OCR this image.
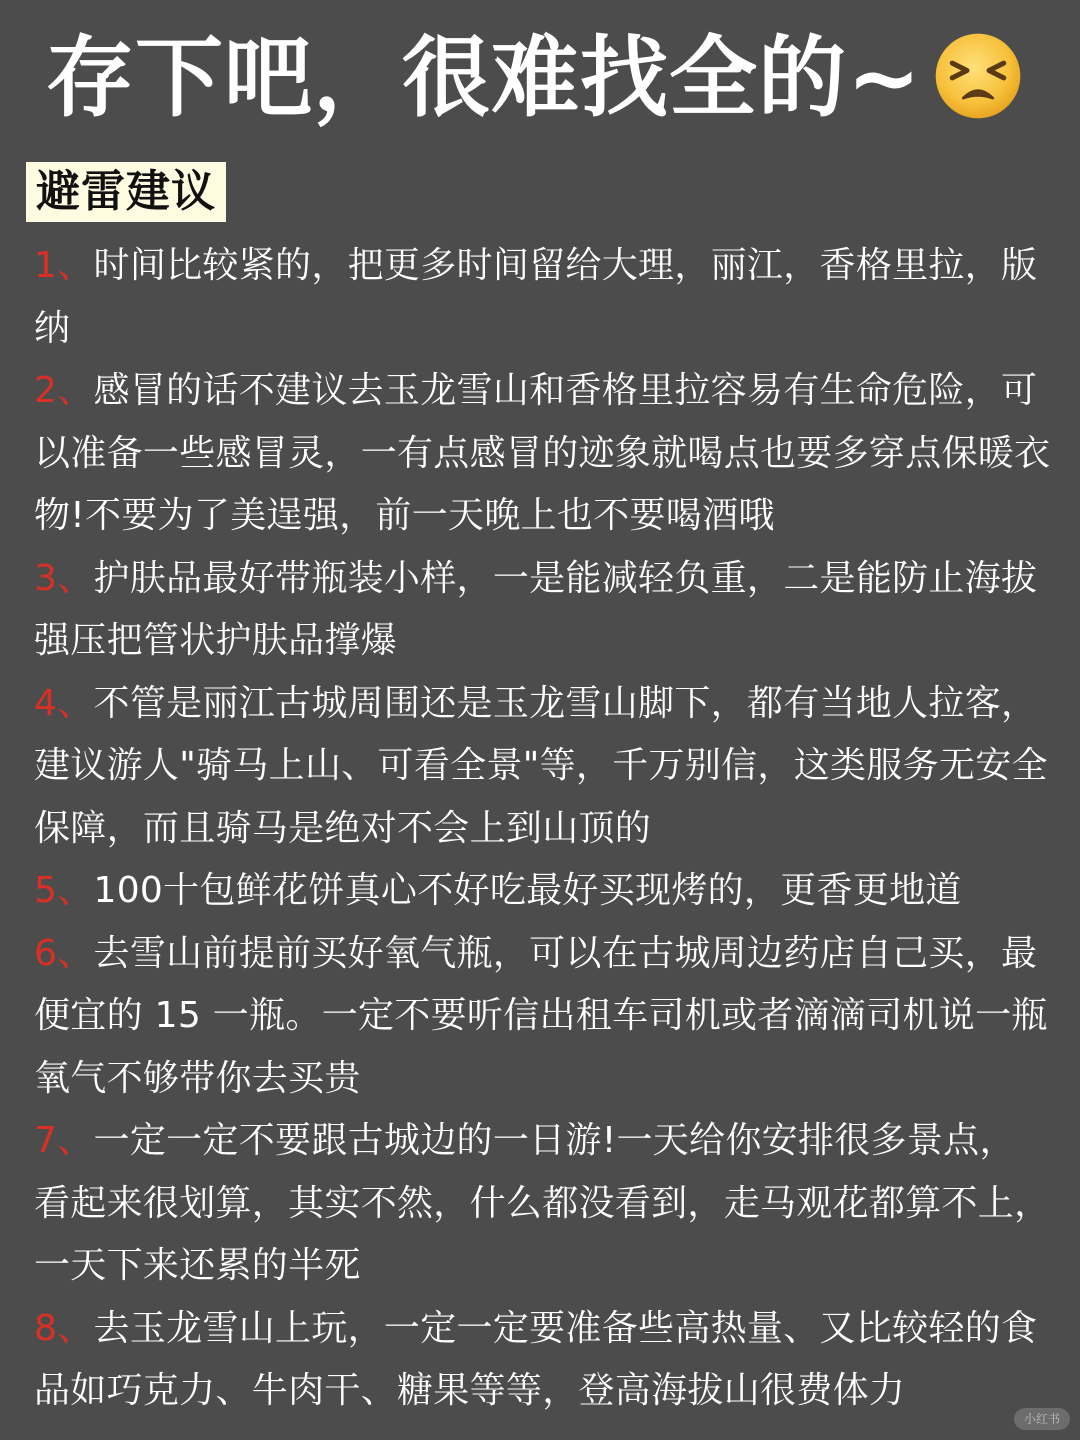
存下吧，很难找全的~
避雷建议
1、时间比较紧的，把更多时间留给大理，丽江，香格里拉，版纳
2、感冒的话不建议去玉龙雪山和香格里拉容易有生命危险，可以准备一些感冒灵，一有点感冒的迹象就喝点也要多穿点保暖衣物!不要为了美逞强，前一天晚上也不要喝酒哦
3、护肤品最好带瓶装小样，一是能减轻负重，二是能防止海拔强压把管状护肤品撑爆
4、不管是丽江古城周围还是玉龙雪山脚下，都有当地人拉客，建议游人"骑马上山、可看全景"等，千万别信，这类服务无安全保障，而且骑马是绝对不会上到山顶的
5、100十包鲜花饼真心不好吃最好买现烤的，更香更地道
6、去雪山前提前买好氧气瓶，可以在古城周边药店自己买，最便宜的 15 一瓶。一定不要听信出租车司机或者滴滴司机说一瓶氧气不够带你去买贵
7、一定一定不要跟古城边的一日游!一天给你安排很多景点，看起来很划算，其实不然，什么都没看到，走马观花都算不上，一天下来还累的半死
8、去玉龙雪山上玩，一定一定要准备些高热量、又比较轻的食品如巧克力、牛肉干、糖果等等，登高海拔山很费体力
小红书
